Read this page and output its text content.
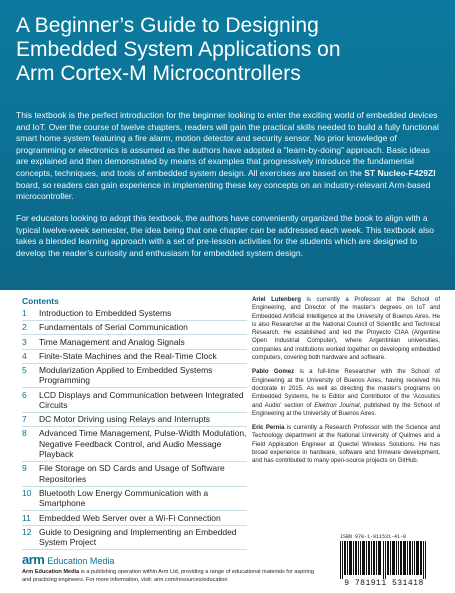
A Beginner’s Guide to Designing
Embedded System Applications on
Arm Cortex-M Microcontrollers

This textbook is the perfect introduction for the beginner looking to enter the exciting world of embedded devices and IoT. Over the course of twelve chapters, readers will gain the practical skills needed to build a fully functional smart home system featuring a fire alarm, motion detector and security sensor. No prior knowledge of programming or electronics is assumed as the authors have adopted a “learn-by-doing” approach. Basic ideas are explained and then demonstrated by means of examples that progressively introduce the fundamental concepts, techniques, and tools of embedded system design. All exercises are based on the ST Nucleo-F429ZI board, so readers can gain experience in implementing these key concepts on an industry-relevant Arm-based microcontroller.

For educators looking to adopt this textbook, the authors have conveniently organized the book to align with a typical twelve-week semester, the idea being that one chapter can be addressed each week. This textbook also takes a blended learning approach with a set of pre-lesson activities for the students which are designed to develop the reader’s curiosity and enthusiasm for embedded system design.

Contents
1	Introduction to Embedded Systems
2	Fundamentals of Serial Communication
3	Time Management and Analog Signals
4	Finite-State Machines and the Real-Time Clock
5	Modularization Applied to Embedded Systems Programming
6	LCD Displays and Communication between Integrated Circuits
7	DC Motor Driving using Relays and Interrupts
8	Advanced Time Management, Pulse-Width Modulation, Negative Feedback Control, and Audio Message Playback
9	File Storage on SD Cards and Usage of Software Repositories
10 Bluetooth Low Energy Communication with a Smartphone
11 Embedded Web Server over a Wi-Fi Connection
12 Guide to Designing and Implementing an Embedded System Project

Ariel Lutenberg is currently a Professor at the School of Engineering, and Director of the master’s degrees on IoT and Embedded Artificial Intelligence at the University of Buenos Aires. He is also Researcher at the National Council of Scientific and Technical Research. He established and led the Proyecto CIAA (Argentine Open Industrial Computer), where Argentinian universities, companies and institutions worked together on developing embedded computers, covering both hardware and software.

Pablo Gomez is a full-time Researcher with the School of Engineering at the University of Buenos Aires, having received his doctorate in 2015. As well as directing the master’s programs on Embedded Systems, he is Editor and Contributor of the ‘Acoustics and Audio’ section of Elektron Journal, published by the School of Engineering at the University of Buenos Aires.

Eric Pernia is currently a Research Professor with the Science and Technology department at the National University of Quilmes and a Field Application Engineer at Quectel Wireless Solutions. He has broad experience in hardware, software and firmware development, and has contributed to many open-source projects on GitHub.

arm Education Media

Arm Education Media is a publishing operation within Arm Ltd, providing a range of educational materials for aspiring and practicing engineers. For more information, visit: arm.com/resources/education

ISBN 978-1-911531-41-8
9 781911 531418
